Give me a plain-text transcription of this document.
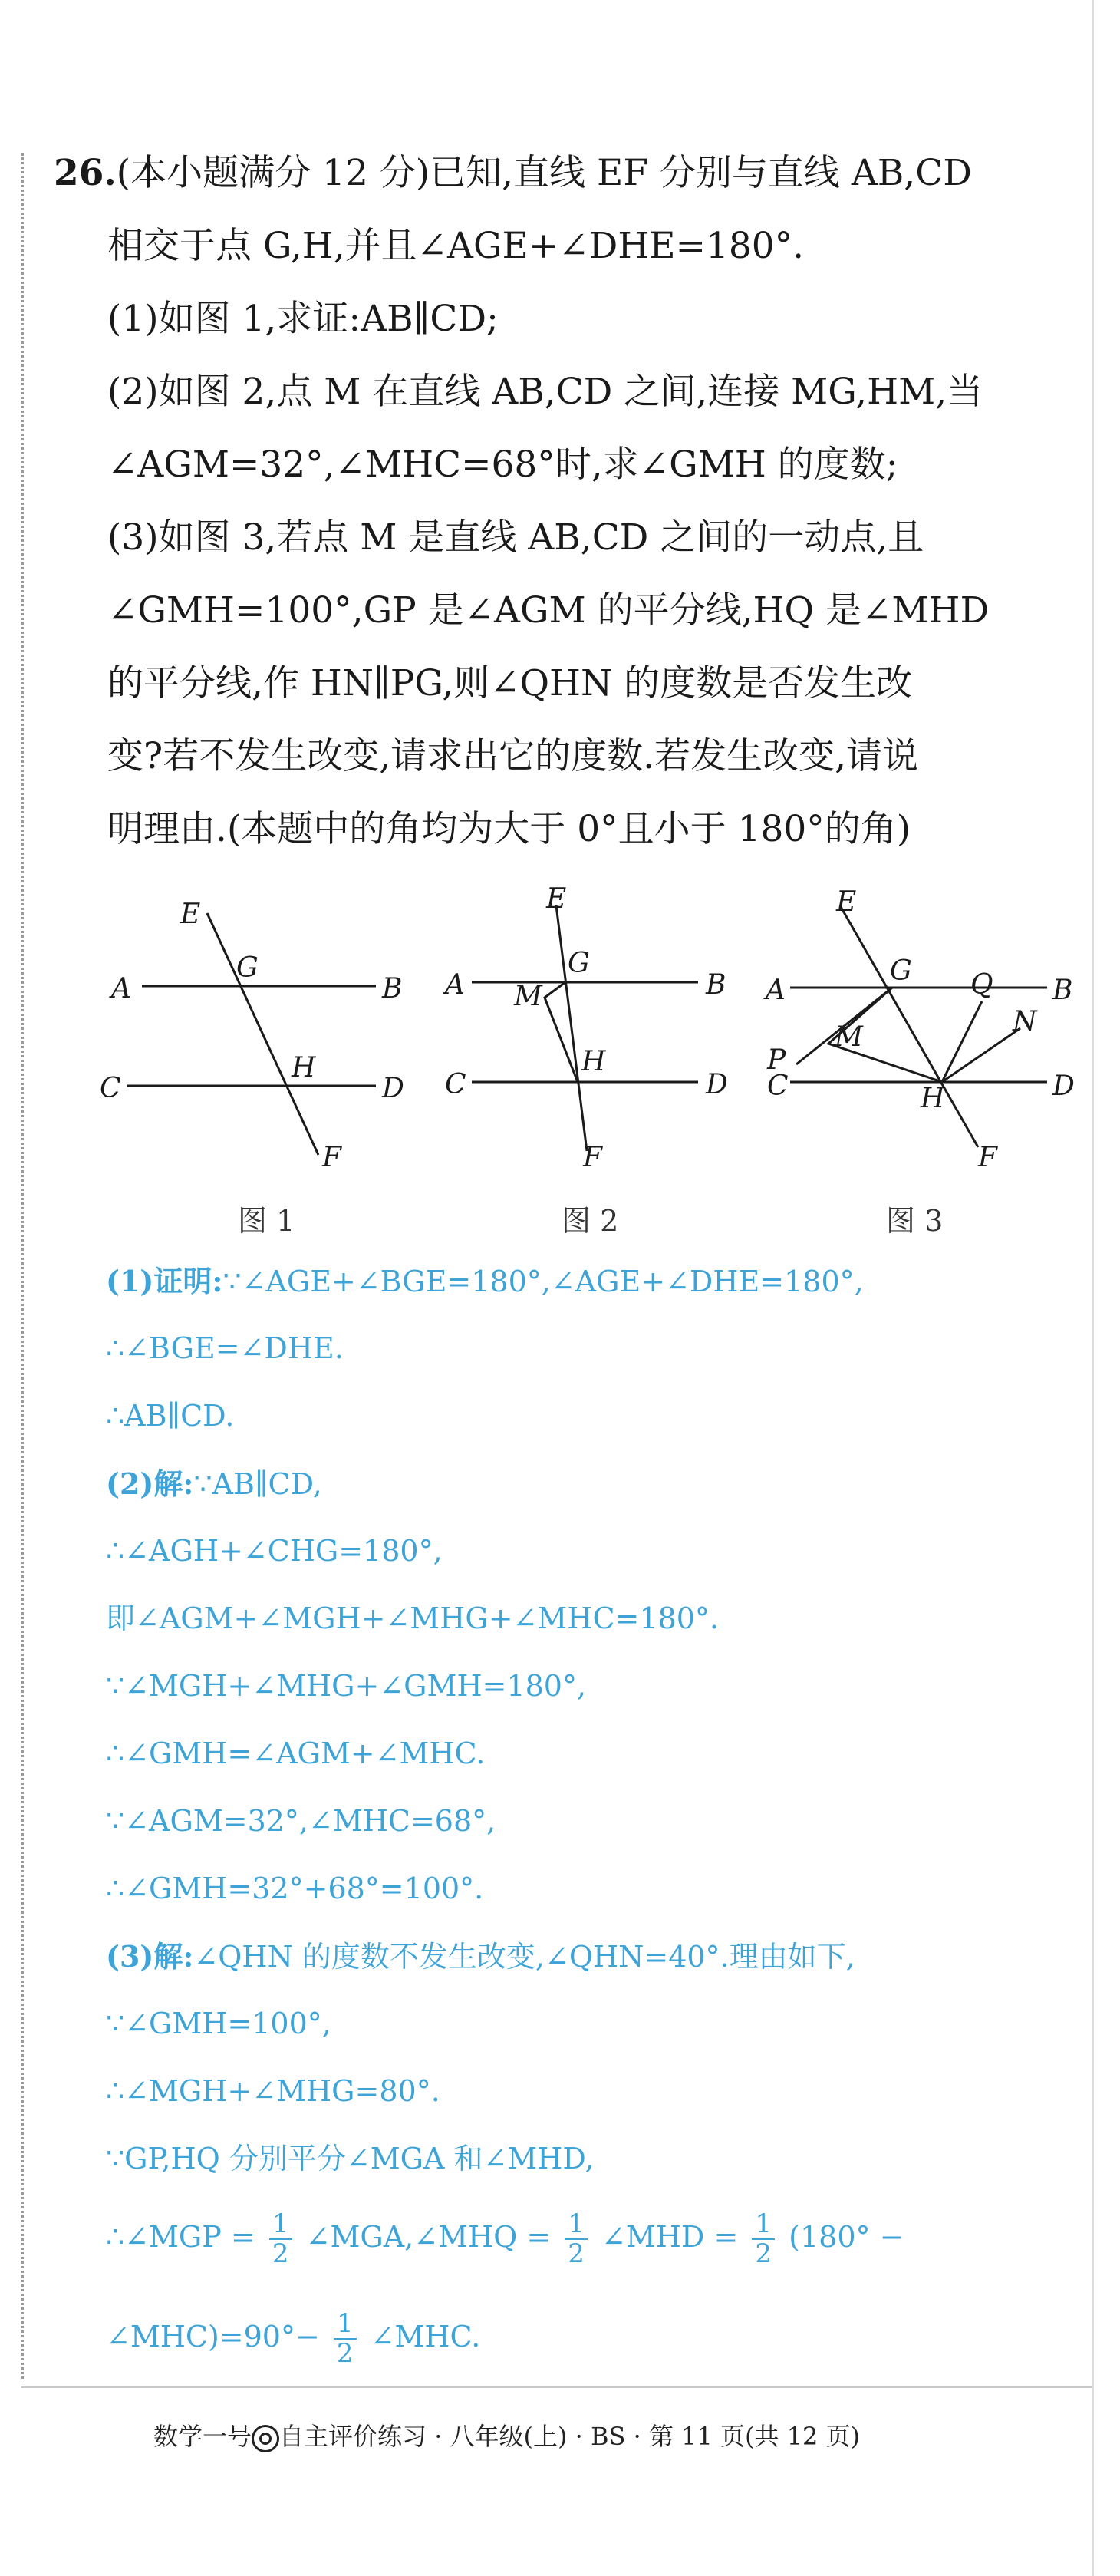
26.(本小题满分 12 分)已知,直线 EF 分别与直线 AB,CD
相交于点 G,H,并且∠AGE+∠DHE=180°.
(1)如图 1,求证:AB∥CD;
(2)如图 2,点 M 在直线 AB,CD 之间,连接 MG,HM,当
∠AGM=32°,∠MHC=68°时,求∠GMH 的度数;
(3)如图 3,若点 M 是直线 AB,CD 之间的一动点,且
∠GMH=100°,GP 是∠AGM 的平分线,HQ 是∠MHD
的平分线,作 HN∥PG,则∠QHN 的度数是否发生改
变?若不发生改变,请求出它的度数.若发生改变,请说
明理由.(本题中的角均为大于 0°且小于 180°的角)
E
G
A	B
H
C	D
F
E
G
A M	B
H
C	D
F
E
G
A	B
Q
M	N
P
C	H	D
F
图 1	图 2	图 3
(1)证明:∵∠AGE+∠BGE=180°,∠AGE+∠DHE=180°,
∴∠BGE=∠DHE.
∴AB∥CD.
(2)解:∵AB∥CD,
∴∠AGH+∠CHG=180°,
即∠AGM+∠MGH+∠MHG+∠MHC=180°.
∵∠MGH+∠MHG+∠GMH=180°,
∴∠GMH=∠AGM+∠MHC.
∵∠AGM=32°,∠MHC=68°,
∴∠GMH=32°+68°=100°.
(3)解:∠QHN 的度数不发生改变,∠QHN=40°.理由如下,
∵∠GMH=100°,
∴∠MGH+∠MHG=80°.
∵GP,HQ 分别平分∠MGA 和∠MHD,
∴∠MGP = $\frac{1}{2}$ ∠MGA,∠MHQ = $\frac{1}{2}$ ∠MHD = $\frac{1}{2} (180^\circ$ −
∠MHC)=90°− $\frac{1}{2}$ ∠MHC.
数学一号 自主评价练习 · 八年级(上) · BS · 第 11 页(共 12 页)
